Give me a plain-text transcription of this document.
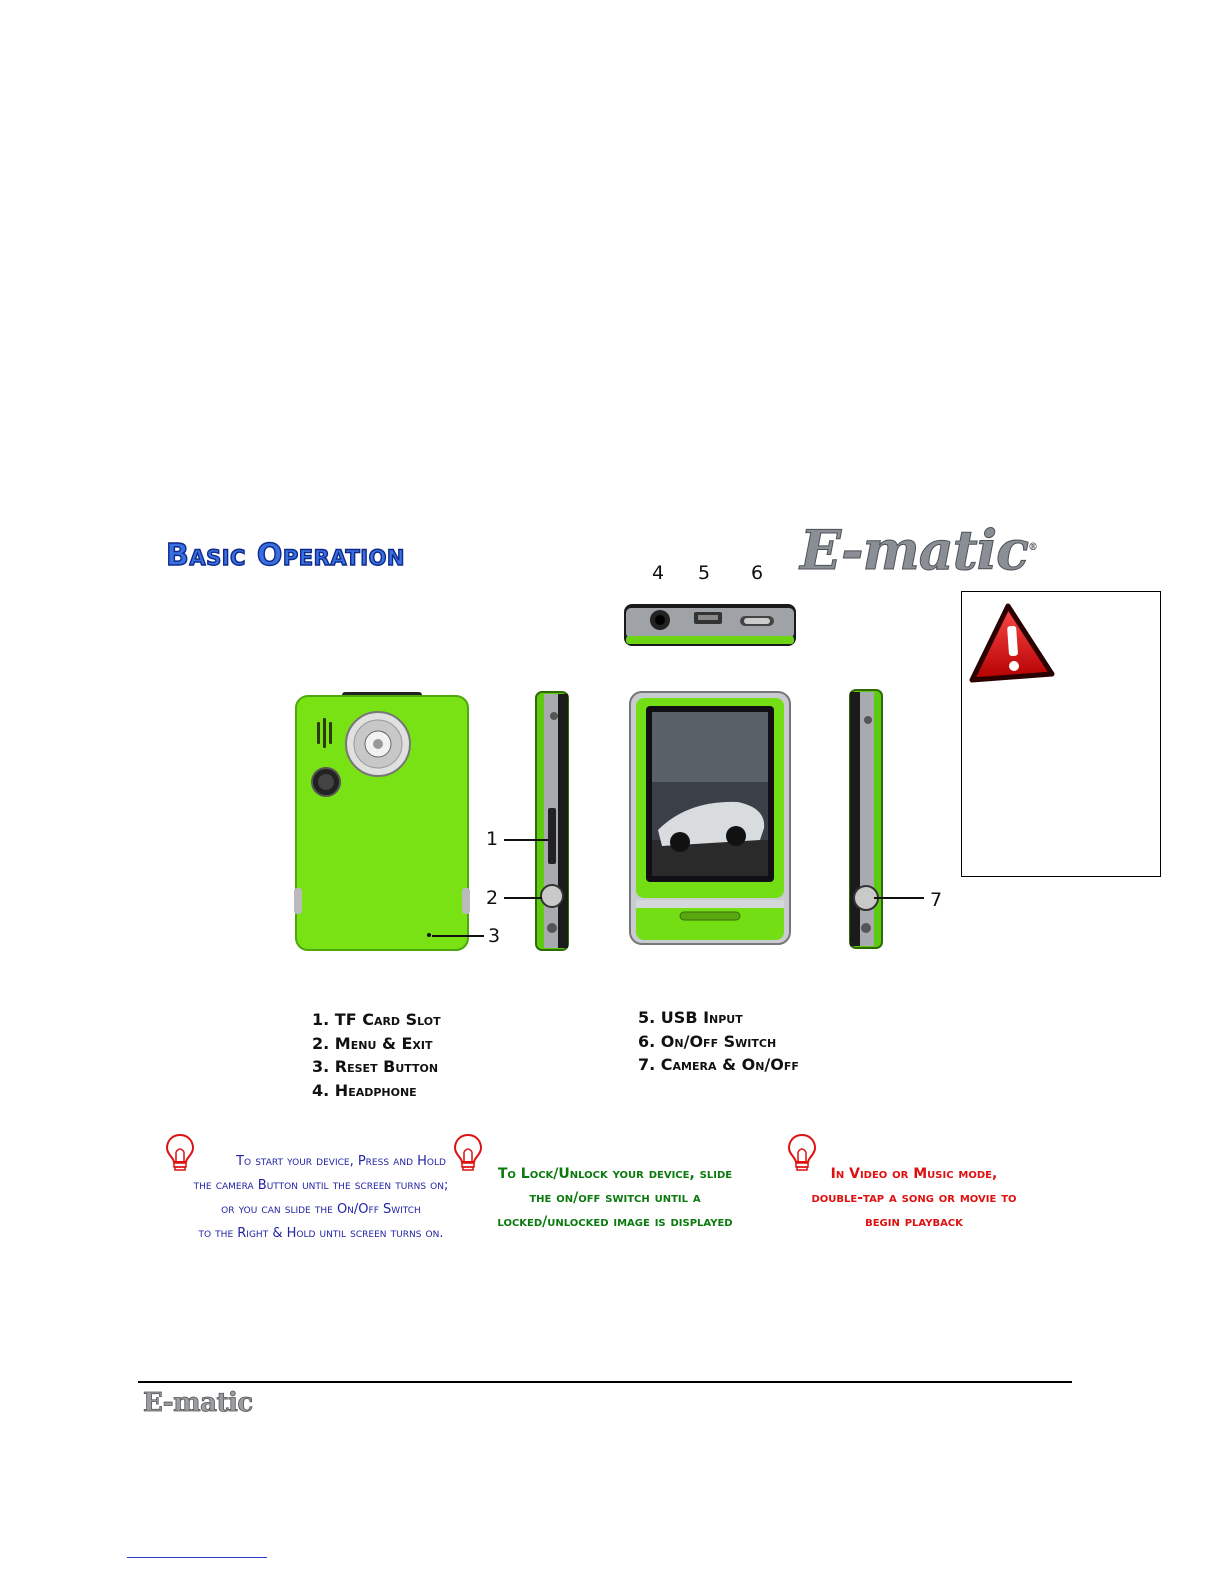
Basic Operation	E-matic®
4 5 6
1
2
3
7
1. TF Card Slot
2. Menu & Exit
3. Reset Button
4. Headphone
5. USB Input
6. On/Off Switch
7. Camera & On/Off
To start your device, Press and Hold
the camera Button until the screen turns on;
or you can slide the On/Off Switch
to the Right & Hold until screen turns on.
To Lock/Unlock your device, slide
the on/off switch until a
locked/unlocked image is displayed
In Video or Music mode,
double-tap a song or movie to
begin playback
E-matic
